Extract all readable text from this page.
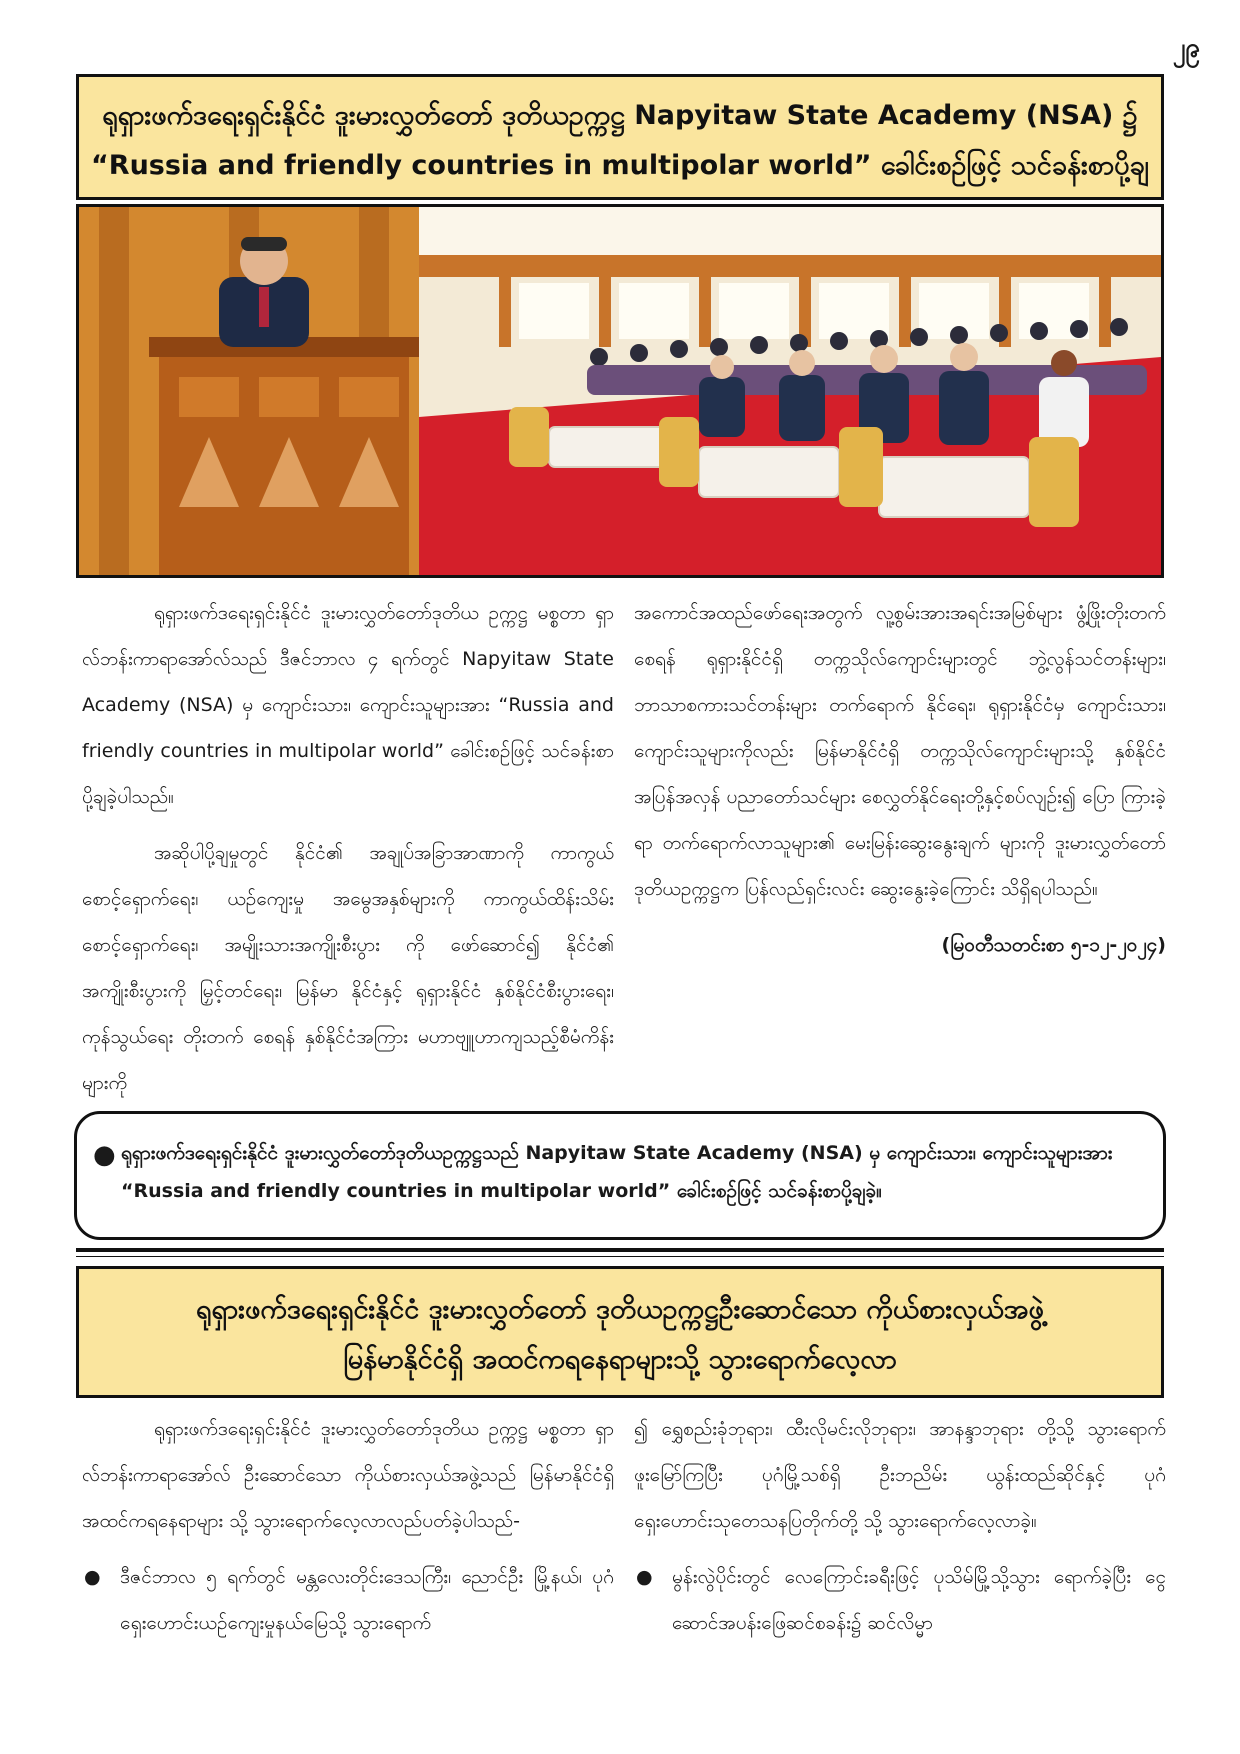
၂၉
ရုရှားဖက်ဒရေးရှင်းနိုင်ငံ ဒူးမားလွှတ်တော် ဒုတိယဥက္ကဋ္ဌ Napyitaw State Academy (NSA) ၌
“Russia and friendly countries in multipolar world” ခေါင်းစဉ်ဖြင့် သင်ခန်းစာပို့ချ

ရုရှားဖက်ဒရေးရှင်းနိုင်ငံ ဒူးမားလွှတ်တော်ဒုတိယ ဥက္ကဋ္ဌ မစ္စတာ ရှာလ်ဘန်းကာရာအော်လ်သည် ဒီဇင်ဘာလ ၄ ရက်တွင် Napyitaw State Academy (NSA) မှ ကျောင်းသား၊ ကျောင်းသူများအား “Russia and friendly countries in multipolar world” ခေါင်းစဉ်ဖြင့် သင်ခန်းစာပို့ချခဲ့ပါသည်။

အဆိုပါပို့ချမှုတွင် နိုင်ငံ၏ အချုပ်အခြာအာဏာကို ကာကွယ်စောင့်ရှောက်ရေး၊ ယဉ်ကျေးမှု အမွေအနှစ်များကို ကာကွယ်ထိန်းသိမ်းစောင့်ရှောက်ရေး၊ အမျိုးသားအကျိုးစီးပွား ကို ဖော်ဆောင်၍ နိုင်ငံ၏ အကျိုးစီးပွားကို မြှင့်တင်ရေး၊ မြန်မာ နိုင်ငံနှင့် ရုရှားနိုင်ငံ နှစ်နိုင်ငံစီးပွားရေး၊ ကုန်သွယ်ရေး တိုးတက် စေရန် နှစ်နိုင်ငံအကြား မဟာဗျူဟာကျသည့်စီမံကိန်းများကို

အကောင်အထည်ဖော်ရေးအတွက် လူ့စွမ်းအားအရင်းအမြစ်များ ဖွံ့ဖြိုးတိုးတက်စေရန် ရုရှားနိုင်ငံရှိ တက္ကသိုလ်ကျောင်းများတွင် ဘွဲ့လွန်သင်တန်းများ၊ ဘာသာစကားသင်တန်းများ တက်ရောက် နိုင်ရေး၊ ရုရှားနိုင်ငံမှ ကျောင်းသား၊ ကျောင်းသူများကိုလည်း မြန်မာနိုင်ငံရှိ တက္ကသိုလ်ကျောင်းများသို့ နှစ်နိုင်ငံအပြန်အလှန် ပညာတော်သင်များ စေလွှတ်နိုင်ရေးတို့နှင့်စပ်လျဉ်း၍ ပြော ကြားခဲ့ရာ တက်ရောက်လာသူများ၏ မေးမြန်းဆွေးနွေးချက် များကို ဒူးမားလွှတ်တော်ဒုတိယဥက္ကဋ္ဌက ပြန်လည်ရှင်းလင်း ဆွေးနွေးခဲ့ကြောင်း သိရှိရပါသည်။

(မြဝတီသတင်းစာ ၅-၁၂-၂၀၂၄)
● ရုရှားဖက်ဒရေးရှင်းနိုင်ငံ ဒူးမားလွှတ်တော်ဒုတိယဥက္ကဋ္ဌသည် Napyitaw State Academy (NSA) မှ ကျောင်းသား၊ ကျောင်းသူများအား “Russia and friendly countries in multipolar world” ခေါင်းစဉ်ဖြင့် သင်ခန်းစာပို့ချခဲ့။
ရုရှားဖက်ဒရေးရှင်းနိုင်ငံ ဒူးမားလွှတ်တော် ဒုတိယဥက္ကဋ္ဌဦးဆောင်သော ကိုယ်စားလှယ်အဖွဲ့
မြန်မာနိုင်ငံရှိ အထင်ကရနေရာများသို့ သွားရောက်လေ့လာ

ရုရှားဖက်ဒရေးရှင်းနိုင်ငံ ဒူးမားလွှတ်တော်ဒုတိယ ဥက္ကဋ္ဌ မစ္စတာ ရှာလ်ဘန်းကာရာအော်လ် ဦးဆောင်သော ကိုယ်စားလှယ်အဖွဲ့သည် မြန်မာနိုင်ငံရှိ အထင်ကရနေရာများ သို့ သွားရောက်လေ့လာလည်ပတ်ခဲ့ပါသည်-

● ဒီဇင်ဘာလ ၅ ရက်တွင် မန္တလေးတိုင်းဒေသကြီး၊ ညောင်ဦး မြို့နယ်၊ ပုဂံရှေးဟောင်းယဉ်ကျေးမှုနယ်မြေသို့ သွားရောက်

၍ ရွှေစည်းခုံဘုရား၊ ထီးလိုမင်းလိုဘုရား၊ အာနန္ဒာဘုရား တို့သို့ သွားရောက်ဖူးမြော်ကြပြီး ပုဂံမြို့သစ်ရှိ ဦးဘညိမ်း ယွန်းထည်ဆိုင်နှင့် ပုဂံရှေးဟောင်းသုတေသနပြတိုက်တို့ သို့ သွားရောက်လေ့လာခဲ့။

● မွန်းလွဲပိုင်းတွင် လေကြောင်းခရီးဖြင့် ပုသိမ်မြို့သို့သွား ရောက်ခဲ့ပြီး ငွေဆောင်အပန်းဖြေဆင်စခန်း၌ ဆင်လိမ္မာ
